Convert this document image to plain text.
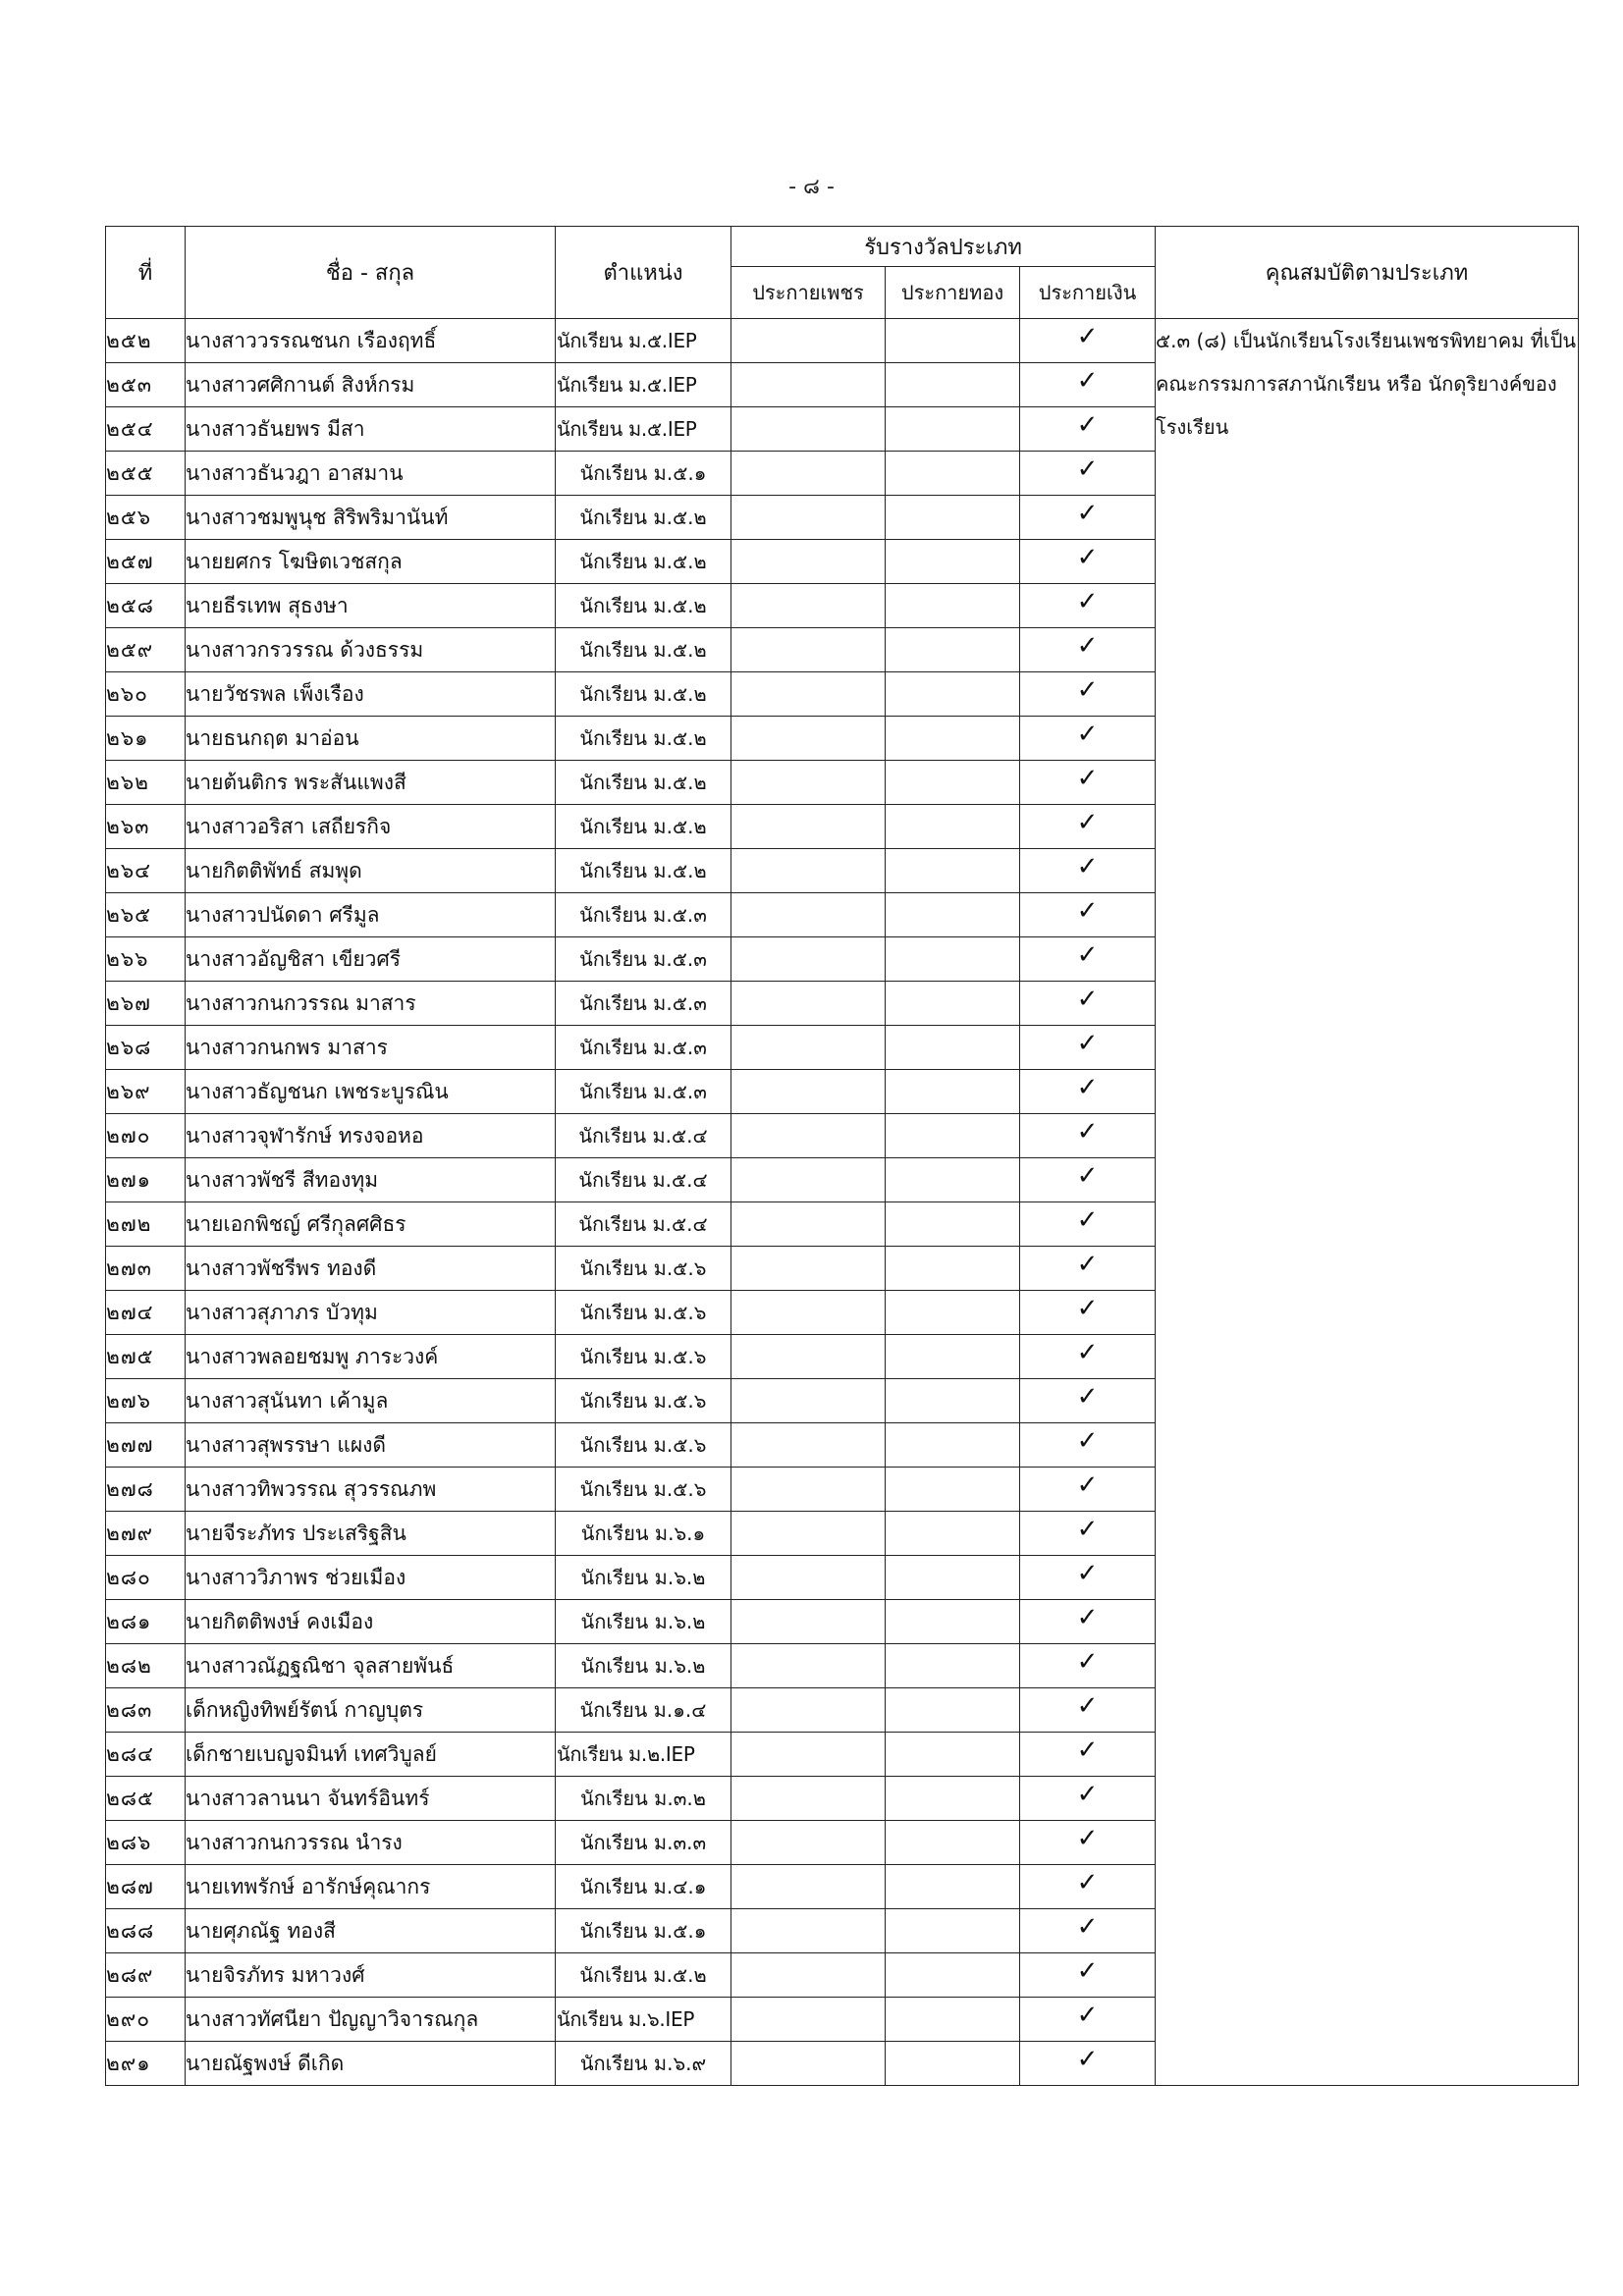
- ๘ -
ที่	ชื่อ - สกุล	ตำแหน่ง	รับรางวัลประเภท			คุณสมบัติตามประเภท
			ประกายเพชร	ประกายทอง	ประกายเงิน	
๒๕๒	นางสาววรรณชนก เรืองฤทธิ์	นักเรียน ม.๕.IEP			✓	๕.๓ (๘) เป็นนักเรียนโรงเรียนเพชรพิทยาคม ที่เป็นคณะกรรมการสภานักเรียน หรือ นักดุริยางค์ของโรงเรียน
๒๕๓	นางสาวศศิกานต์ สิงห์กรม	นักเรียน ม.๕.IEP			✓	
๒๕๔	นางสาวธันยพร มีสา	นักเรียน ม.๕.IEP			✓	
๒๕๕	นางสาวธันวฎา อาสมาน	นักเรียน ม.๕.๑			✓	
๒๕๖	นางสาวชมพูนุช สิริพริมานันท์	นักเรียน ม.๕.๒			✓	
๒๕๗	นายยศกร โฆษิตเวชสกุล	นักเรียน ม.๕.๒			✓	
๒๕๘	นายธีรเทพ สุธงษา	นักเรียน ม.๕.๒			✓	
๒๕๙	นางสาวกรวรรณ ด้วงธรรม	นักเรียน ม.๕.๒			✓	
๒๖๐	นายวัชรพล เพ็งเรือง	นักเรียน ม.๕.๒			✓	
๒๖๑	นายธนกฤต มาอ่อน	นักเรียน ม.๕.๒			✓	
๒๖๒	นายต้นติกร พระสันแพงสี	นักเรียน ม.๕.๒			✓	
๒๖๓	นางสาวอริสา เสถียรกิจ	นักเรียน ม.๕.๒			✓	
๒๖๔	นายกิตติพัทธ์ สมพุด	นักเรียน ม.๕.๒			✓	
๒๖๕	นางสาวปนัดดา ศรีมูล	นักเรียน ม.๕.๓			✓	
๒๖๖	นางสาวอัญชิสา เขียวศรี	นักเรียน ม.๕.๓			✓	
๒๖๗	นางสาวกนกวรรณ มาสาร	นักเรียน ม.๕.๓			✓	
๒๖๘	นางสาวกนกพร มาสาร	นักเรียน ม.๕.๓			✓	
๒๖๙	นางสาวธัญชนก เพชระบูรณิน	นักเรียน ม.๕.๓			✓	
๒๗๐	นางสาวจุฬารักษ์ ทรงจอหอ	นักเรียน ม.๕.๔			✓	
๒๗๑	นางสาวพัชรี สีทองทุม	นักเรียน ม.๕.๔			✓	
๒๗๒	นายเอกพิชญ์ ศรีกุลศศิธร	นักเรียน ม.๕.๔			✓	
๒๗๓	นางสาวพัชรีพร ทองดี	นักเรียน ม.๕.๖			✓	
๒๗๔	นางสาวสุภาภร บัวทุม	นักเรียน ม.๕.๖			✓	
๒๗๕	นางสาวพลอยชมพู ภาระวงค์	นักเรียน ม.๕.๖			✓	
๒๗๖	นางสาวสุนันทา เค้ามูล	นักเรียน ม.๕.๖			✓	
๒๗๗	นางสาวสุพรรษา แผงดี	นักเรียน ม.๕.๖			✓	
๒๗๘	นางสาวทิพวรรณ สุวรรณภพ	นักเรียน ม.๕.๖			✓	
๒๗๙	นายจีระภัทร ประเสริฐสิน	นักเรียน ม.๖.๑			✓	
๒๘๐	นางสาววิภาพร ช่วยเมือง	นักเรียน ม.๖.๒			✓	
๒๘๑	นายกิตติพงษ์ คงเมือง	นักเรียน ม.๖.๒			✓	
๒๘๒	นางสาวณัฏฐณิชา จุลสายพันธ์	นักเรียน ม.๖.๒			✓	
๒๘๓	เด็กหญิงทิพย์รัตน์ กาญบุตร	นักเรียน ม.๑.๔			✓	
๒๘๔	เด็กชายเบญจมินท์ เทศวิบูลย์	นักเรียน ม.๒.IEP			✓	
๒๘๕	นางสาวลานนา จันทร์อินทร์	นักเรียน ม.๓.๒			✓	
๒๘๖	นางสาวกนกวรรณ นำรง	นักเรียน ม.๓.๓			✓	
๒๘๗	นายเทพรักษ์ อารักษ์คุณากร	นักเรียน ม.๔.๑			✓	
๒๘๘	นายศุภณัฐ ทองสี	นักเรียน ม.๕.๑			✓	
๒๘๙	นายจิรภัทร มหาวงศ์	นักเรียน ม.๕.๒			✓	
๒๙๐	นางสาวทัศนียา ปัญญาวิจารณกุล	นักเรียน ม.๖.IEP			✓	
๒๙๑	นายณัฐพงษ์ ดีเกิด	นักเรียน ม.๖.๙			✓	
